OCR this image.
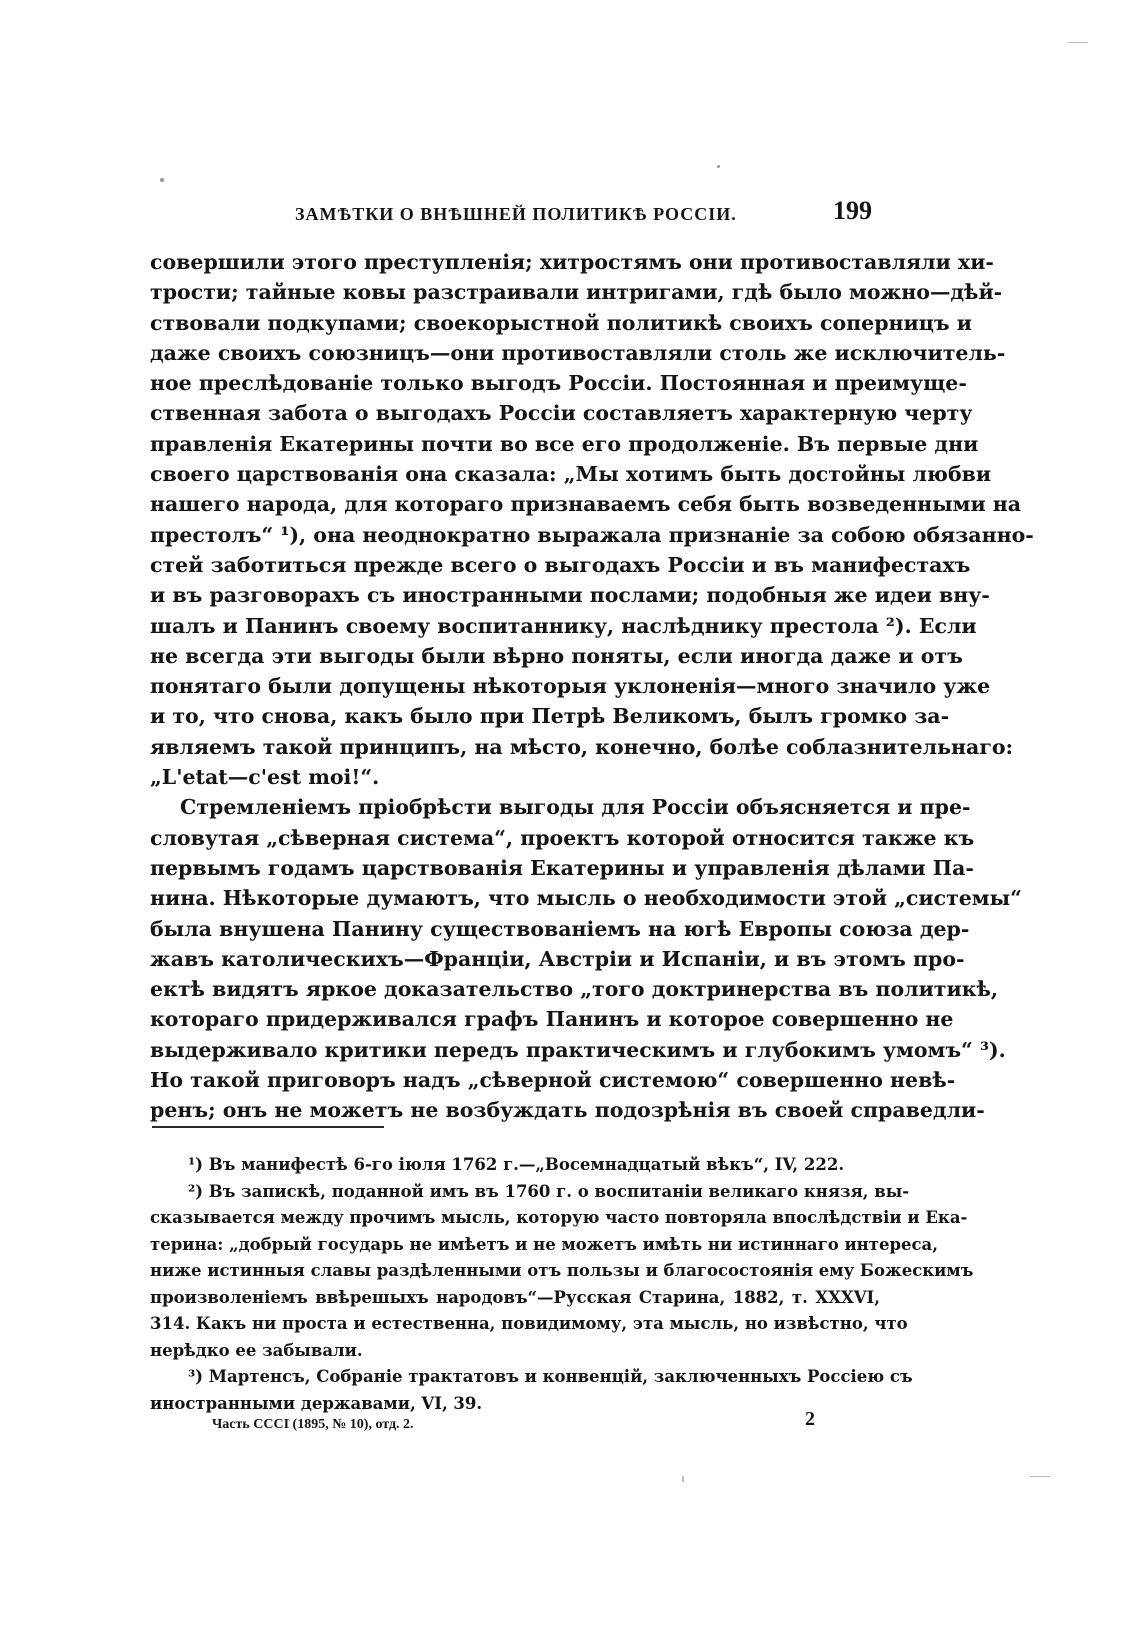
ЗАМѢТКИ О ВНѢШНЕЙ ПОЛИТИКѢ РОССІИ.	199
совершили этого преступленія; хитростямъ они противоставляли хи-
трости; тайные ковы разстраивали интригами, гдѣ было можно—дѣй-
ствовали подкупами; своекорыстной политикѣ своихъ соперницъ и
даже своихъ союзницъ—они противоставляли столь же исключитель-
ное преслѣдованіе только выгодъ Россіи. Постоянная и преимуще-
ственная забота о выгодахъ Россіи составляетъ характерную черту
правленія Екатерины почти во все его продолженіе. Въ первые дни
своего царствованія она сказала: „Мы хотимъ быть достойны любви
нашего народа, для котораго признаваемъ себя быть возведенными на
престолъ“ ¹), она неоднократно выражала признаніе за собою обязанно-
стей заботиться прежде всего о выгодахъ Россіи и въ манифестахъ
и въ разговорахъ съ иностранными послами; подобныя же идеи вну-
шалъ и Панинъ своему воспитаннику, наслѣднику престола ²). Если
не всегда эти выгоды были вѣрно поняты, если иногда даже и отъ
понятаго были допущены нѣкоторыя уклоненія—много значило уже
и то, что снова, какъ было при Петрѣ Великомъ, былъ громко за-
являемъ такой принципъ, на мѣсто, конечно, болѣе соблазнительнаго:
„L'etat—c'est moi!“.
Стремленіемъ пріобрѣсти выгоды для Россіи объясняется и пре-
словутая „сѣверная система“, проектъ которой относится также къ
первымъ годамъ царствованія Екатерины и управленія дѣлами Па-
нина. Нѣкоторые думаютъ, что мысль о необходимости этой „системы“
была внушена Панину существованіемъ на югѣ Европы союза дер-
жавъ католическихъ—Франціи, Австріи и Испаніи, и въ этомъ про-
ектѣ видятъ яркое доказательство „того доктринерства въ политикѣ,
котораго придерживался графъ Панинъ и которое совершенно не
выдерживало критики передъ практическимъ и глубокимъ умомъ“ ³).
Но такой приговоръ надъ „сѣверной системою“ совершенно невѣ-
ренъ; онъ не можетъ не возбуждать подозрѣнія въ своей справедли-
¹) Въ манифестѣ 6-го іюля 1762 г.—„Восемнадцатый вѣкъ“, IV, 222.
²) Въ запискѣ, поданной имъ въ 1760 г. о воспитаніи великаго князя, вы-
сказывается между прочимъ мысль, которую часто повторяла впослѣдствіи и Ека-
терина: „добрый государь не имѣетъ и не можетъ имѣть ни истиннаго интереса,
ниже истинныя славы раздѣленными отъ пользы и благосостоянія ему Божескимъ
произволеніемъ ввѣрешыхъ народовъ“—Русская Старина, 1882, т. XXXVI,
314. Какъ ни проста и естественна, повидимому, эта мысль, но извѣстно, что
нерѣдко ее забывали.
³) Мартенсъ, Собраніе трактатовъ и конвенцій, заключенныхъ Россіею съ
иностранными державами, VI, 39.
Часть СССІ (1895, № 10), отд. 2.	2
